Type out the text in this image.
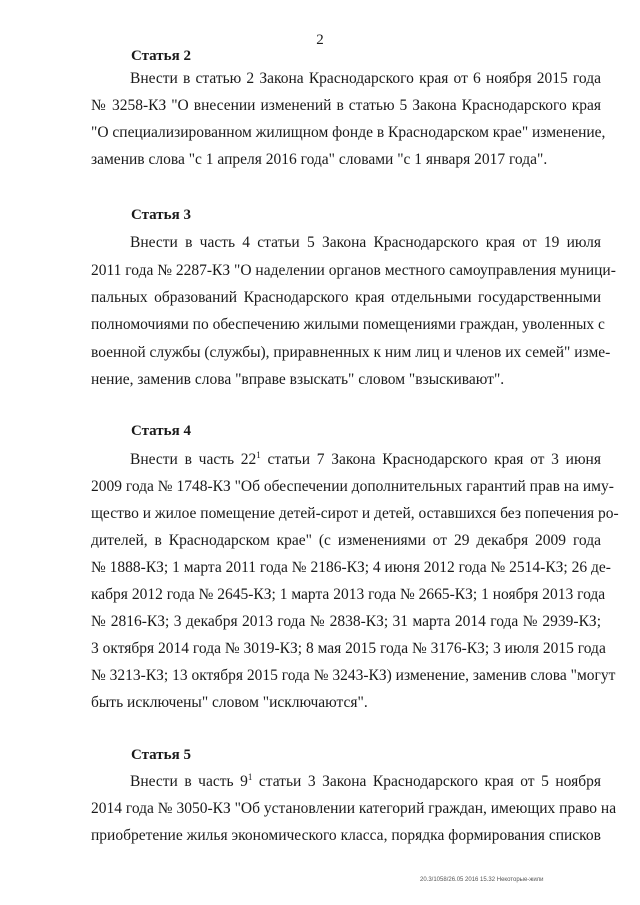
2
Статья 2
Внести в статью 2 Закона Краснодарского края от 6 ноября 2015 года
№ 3258-КЗ "О внесении изменений в статью 5 Закона Краснодарского края
"О специализированном жилищном фонде в Краснодарском крае" изменение,
заменив слова "с 1 апреля 2016 года" словами "с 1 января 2017 года".
Статья 3
Внести в часть 4 статьи 5 Закона Краснодарского края от 19 июля
2011 года № 2287-КЗ "О наделении органов местного самоуправления муници-
пальных образований Краснодарского края отдельными государственными
полномочиями по обеспечению жилыми помещениями граждан, уволенных с
военной службы (службы), приравненных к ним лиц и членов их семей" изме-
нение, заменив слова "вправе взыскать" словом "взыскивают".
Статья 4
Внести в часть $22^1$ статьи 7 Закона Краснодарского края от 3 июня
2009 года № 1748-КЗ "Об обеспечении дополнительных гарантий прав на иму-
щество и жилое помещение детей-сирот и детей, оставшихся без попечения ро-
дителей, в Краснодарском крае" (с изменениями от 29 декабря 2009 года
№ 1888-КЗ; 1 марта 2011 года № 2186-КЗ; 4 июня 2012 года № 2514-КЗ; 26 де-
кабря 2012 года № 2645-КЗ; 1 марта 2013 года № 2665-КЗ; 1 ноября 2013 года
№ 2816-КЗ; 3 декабря 2013 года № 2838-КЗ; 31 марта 2014 года № 2939-КЗ;
3 октября 2014 года № 3019-КЗ; 8 мая 2015 года № 3176-КЗ; 3 июля 2015 года
№ 3213-КЗ; 13 октября 2015 года № 3243-КЗ) изменение, заменив слова "могут
быть исключены" словом "исключаются".
Статья 5
Внести в часть $9^1$ статьи 3 Закона Краснодарского края от 5 ноября
2014 года № 3050-КЗ "Об установлении категорий граждан, имеющих право на
приобретение жилья экономического класса, порядка формирования списков
20.3/1058/26.05 2016 15.32 Некоторые-жили
